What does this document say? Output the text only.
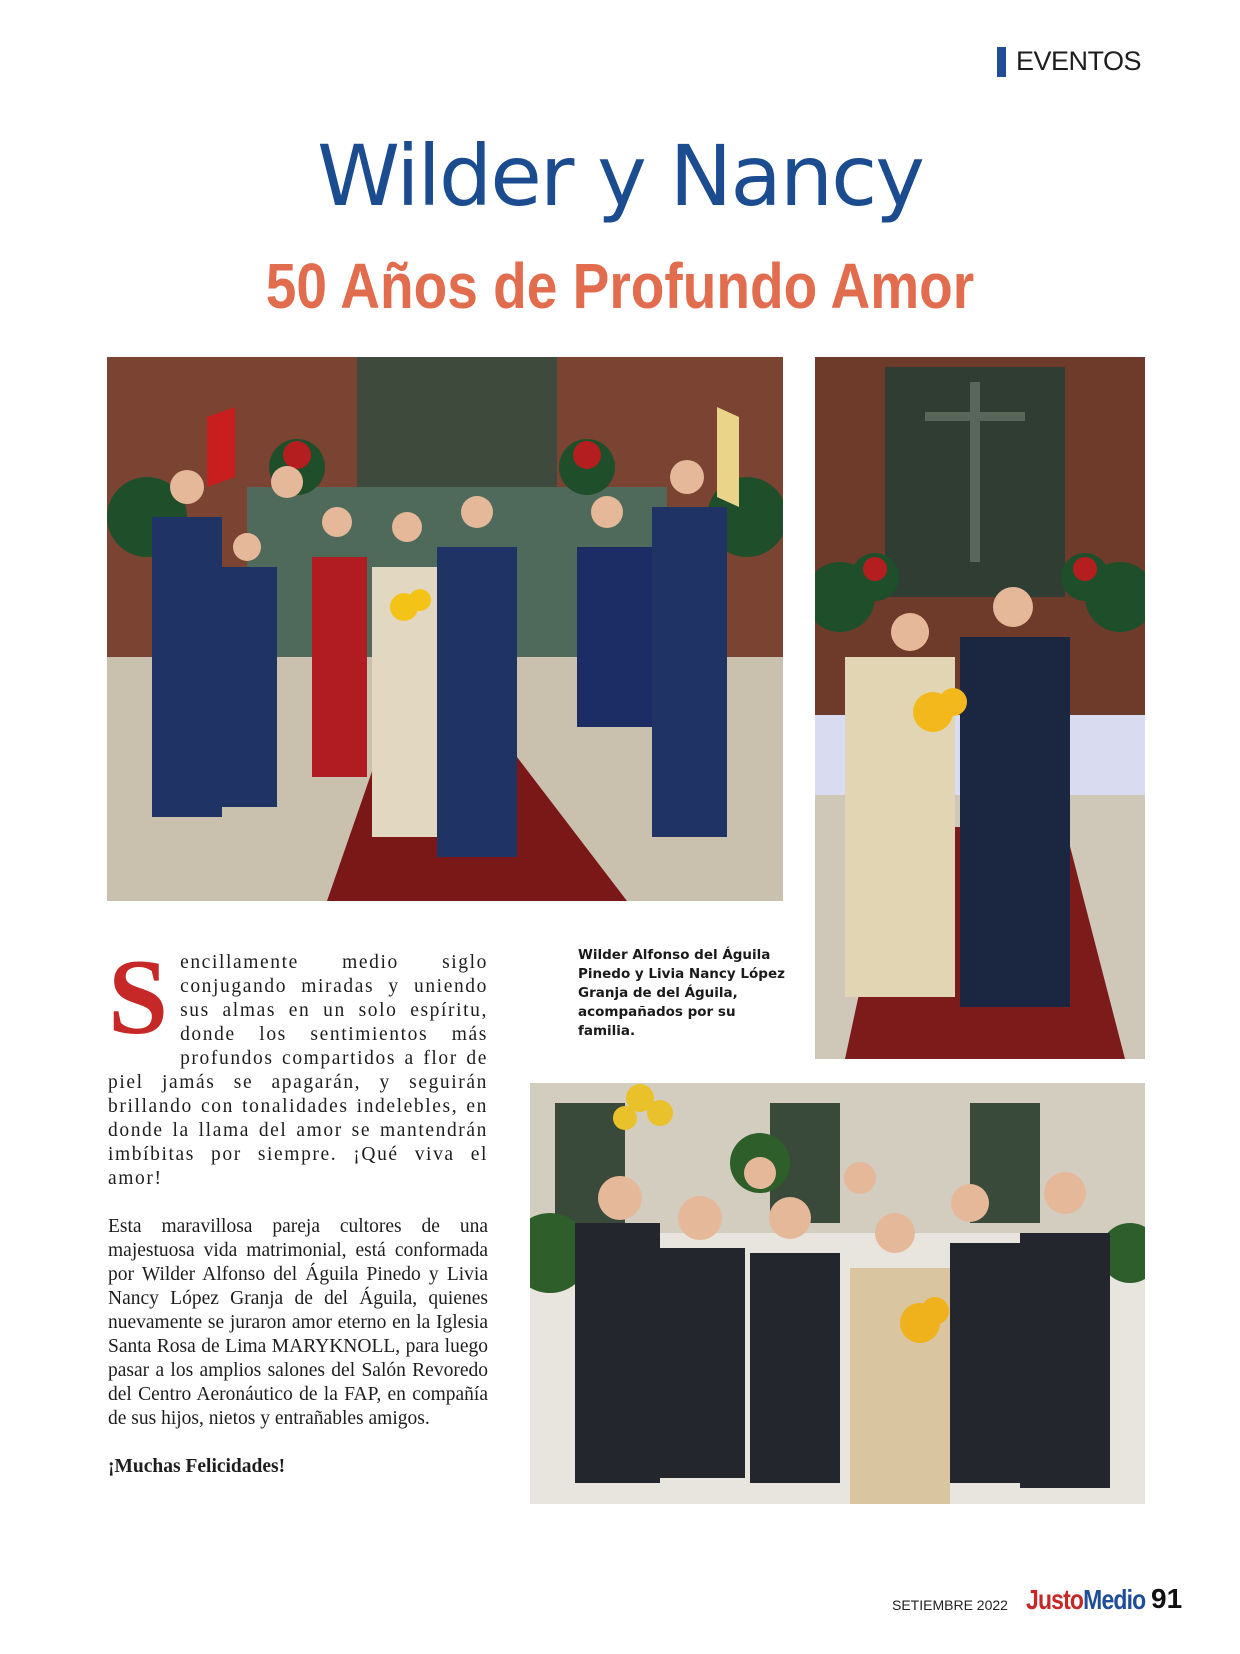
EVENTOS
Wilder y Nancy
50 Años de Profundo Amor
Wilder Alfonso del Águila Pinedo y Livia Nancy López Granja de del Águila, acompañados por su familia.
S encillamente medio siglo conjugando miradas y uniendo sus almas en un solo espíritu, donde los sentimientos más profundos compartidos a flor de piel jamás se apagarán, y seguirán brillando con tonalidades indelebles, en donde la llama del amor se mantendrán imbíbitas por siempre. ¡Qué viva el amor!

Esta maravillosa pareja cultores de una majestuosa vida matrimonial, está conformada por Wilder Alfonso del Águila Pinedo y Livia Nancy López Granja de del Águila, quienes nuevamente se juraron amor eterno en la Iglesia Santa Rosa de Lima MARYKNOLL, para luego pasar a los amplios salones del Salón Revoredo del Centro Aeronáutico de la FAP, en compañía de sus hijos, nietos y entrañables amigos.

¡Muchas Felicidades!

SETIEMBRE 2022 Justo Medio 91
